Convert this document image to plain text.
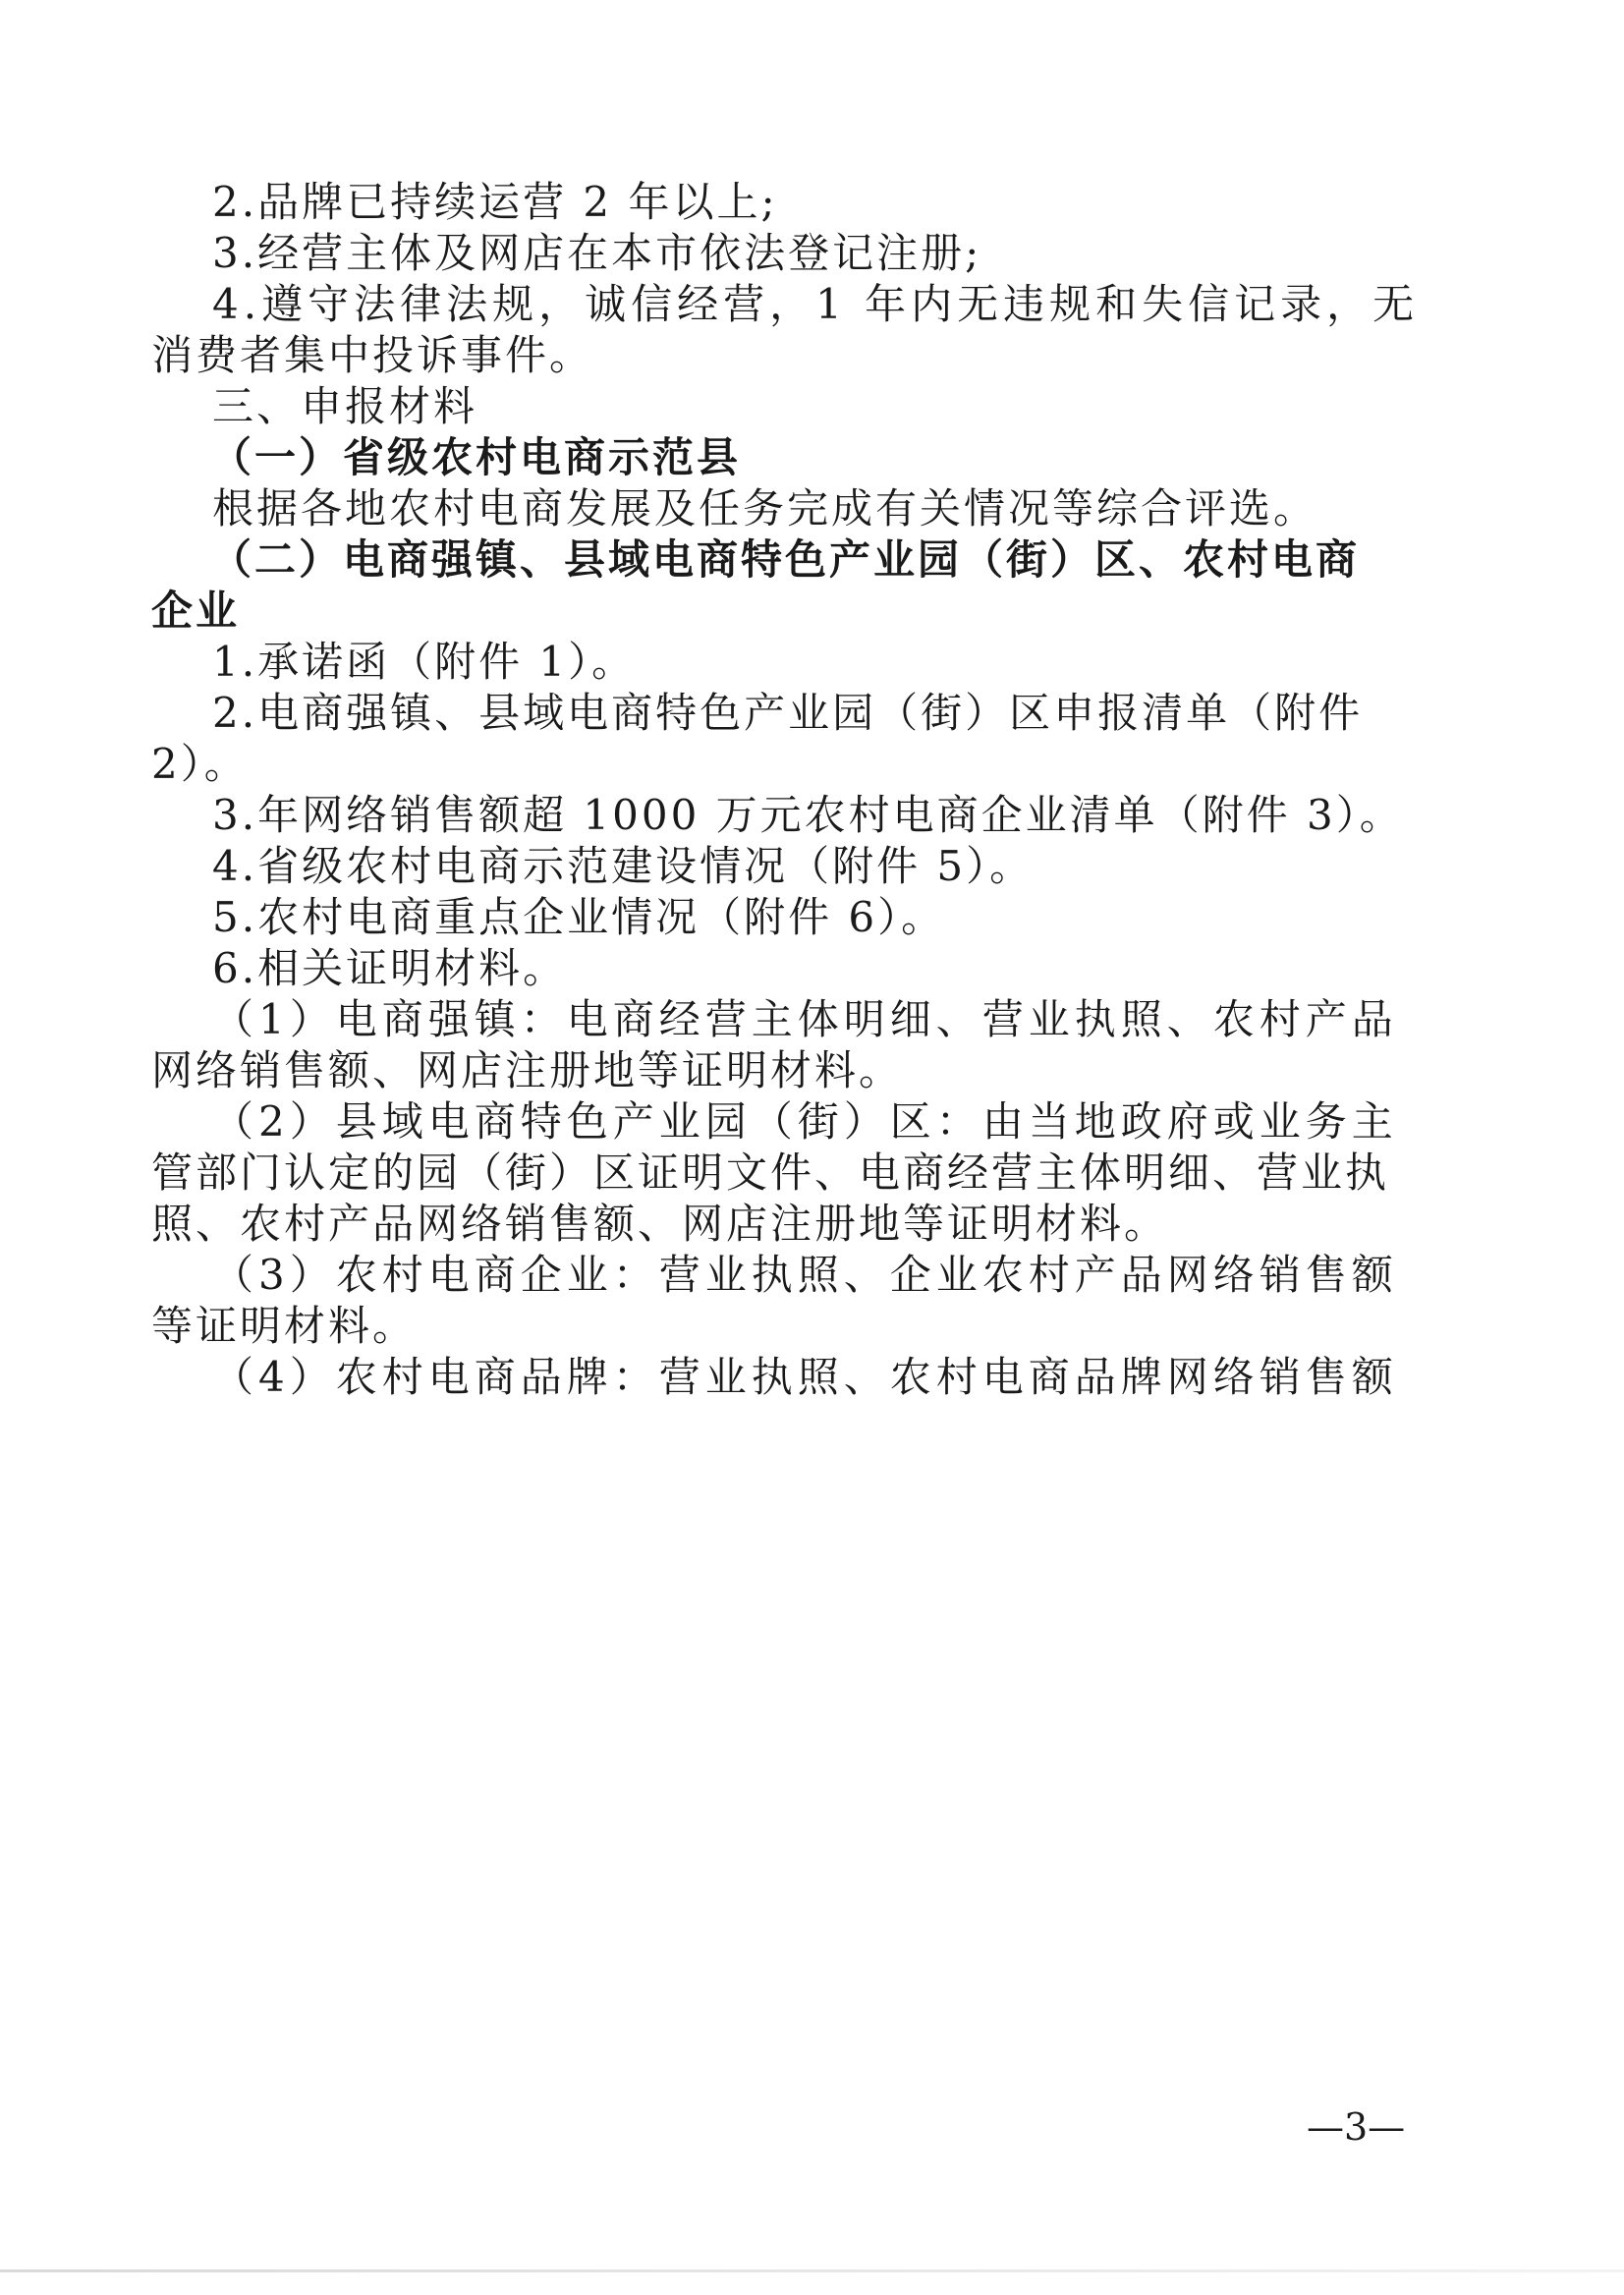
2.品牌已持续运营 2 年以上;
3.经营主体及网店在本市依法登记注册;
4.遵守法律法规，诚信经营，1 年内无违规和失信记录，无
消费者集中投诉事件。
三、申报材料
（一）省级农村电商示范县
根据各地农村电商发展及任务完成有关情况等综合评选。
（二）电商强镇、县域电商特色产业园（街）区、农村电商
企业
1.承诺函（附件 1）。
2.电商强镇、县域电商特色产业园（街）区申报清单（附件
2）。
3.年网络销售额超 1000 万元农村电商企业清单（附件 3）。
4.省级农村电商示范建设情况（附件 5）。
5.农村电商重点企业情况（附件 6）。
6.相关证明材料。
（1）电商强镇：电商经营主体明细、营业执照、农村产品
网络销售额、网店注册地等证明材料。
（2）县域电商特色产业园（街）区：由当地政府或业务主
管部门认定的园（街）区证明文件、电商经营主体明细、营业执
照、农村产品网络销售额、网店注册地等证明材料。
（3）农村电商企业：营业执照、企业农村产品网络销售额
等证明材料。
（4）农村电商品牌：营业执照、农村电商品牌网络销售额
—3—
